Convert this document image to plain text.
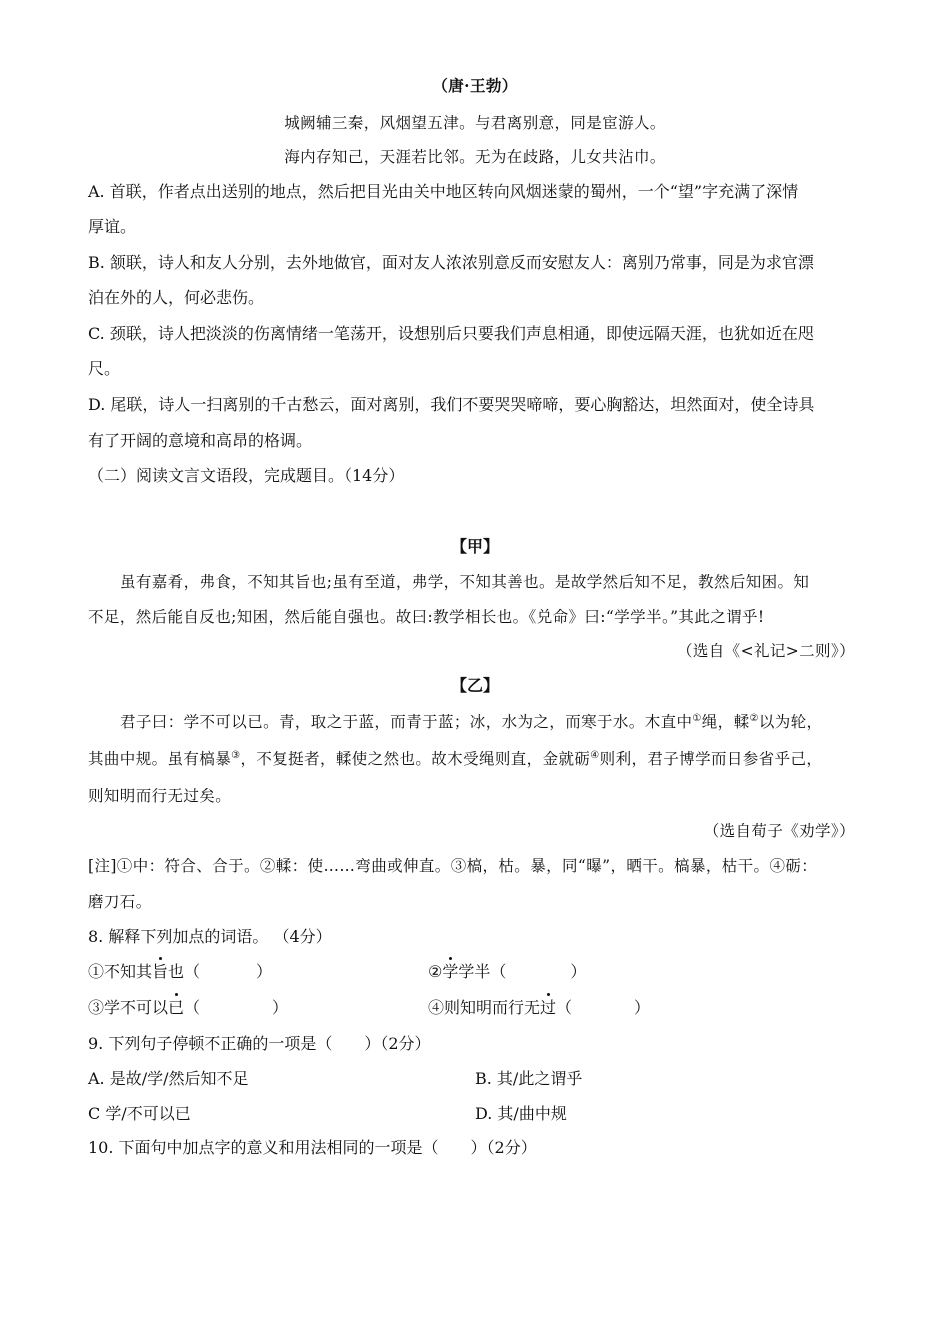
（唐·王勃）
城阙辅三秦，风烟望五津。与君离别意，同是宦游人。
海内存知己，天涯若比邻。无为在歧路，儿女共沾巾。
A. 首联，作者点出送别的地点，然后把目光由关中地区转向风烟迷蒙的蜀州，一个“望”字充满了深情
厚谊。
B. 颔联，诗人和友人分别，去外地做官，面对友人浓浓别意反而安慰友人：离别乃常事，同是为求官漂
泊在外的人，何必悲伤。
C. 颈联，诗人把淡淡的伤离情绪一笔荡开，设想别后只要我们声息相通，即使远隔天涯，也犹如近在咫
尺。
D. 尾联，诗人一扫离别的千古愁云，面对离别，我们不要哭哭啼啼，要心胸豁达，坦然面对，使全诗具
有了开阔的意境和高昂的格调。
（二）阅读文言文语段，完成题目。（14分）
【甲】
虽有嘉肴，弗食，不知其旨也;虽有至道，弗学，不知其善也。是故学然后知不足，教然后知困。知
不足，然后能自反也;知困，然后能自强也。故曰:教学相长也。《兑命》曰:“学学半。”其此之谓乎!
（选自《<礼记>二则》）
【乙】
君子曰：学不可以已。青，取之于蓝，而青于蓝；冰，水为之，而寒于水。木直中①绳，輮②以为轮，
其曲中规。虽有槁暴③，不复挺者，輮使之然也。故木受绳则直，金就砺④则利，君子博学而日参省乎己，
则知明而行无过矣。
（选自荀子《劝学》）
[注]①中：符合、合于。②輮：使……弯曲或伸直。③槁，枯。暴，同“曝”，晒干。槁暴，枯干。④砺：
磨刀石。
8. 解释下列加点的词语。 （4分）
①不知其旨也（	）	②学学半（	）
③学不可以已（	）	④则知明而行无过（	）
9. 下列句子停顿不正确的一项是（　　）（2分）
A. 是故/学/然后知不足	B. 其/此之谓乎
C 学/不可以已	D. 其/曲中规
10. 下面句中加点字的意义和用法相同的一项是（　　）（2分）
